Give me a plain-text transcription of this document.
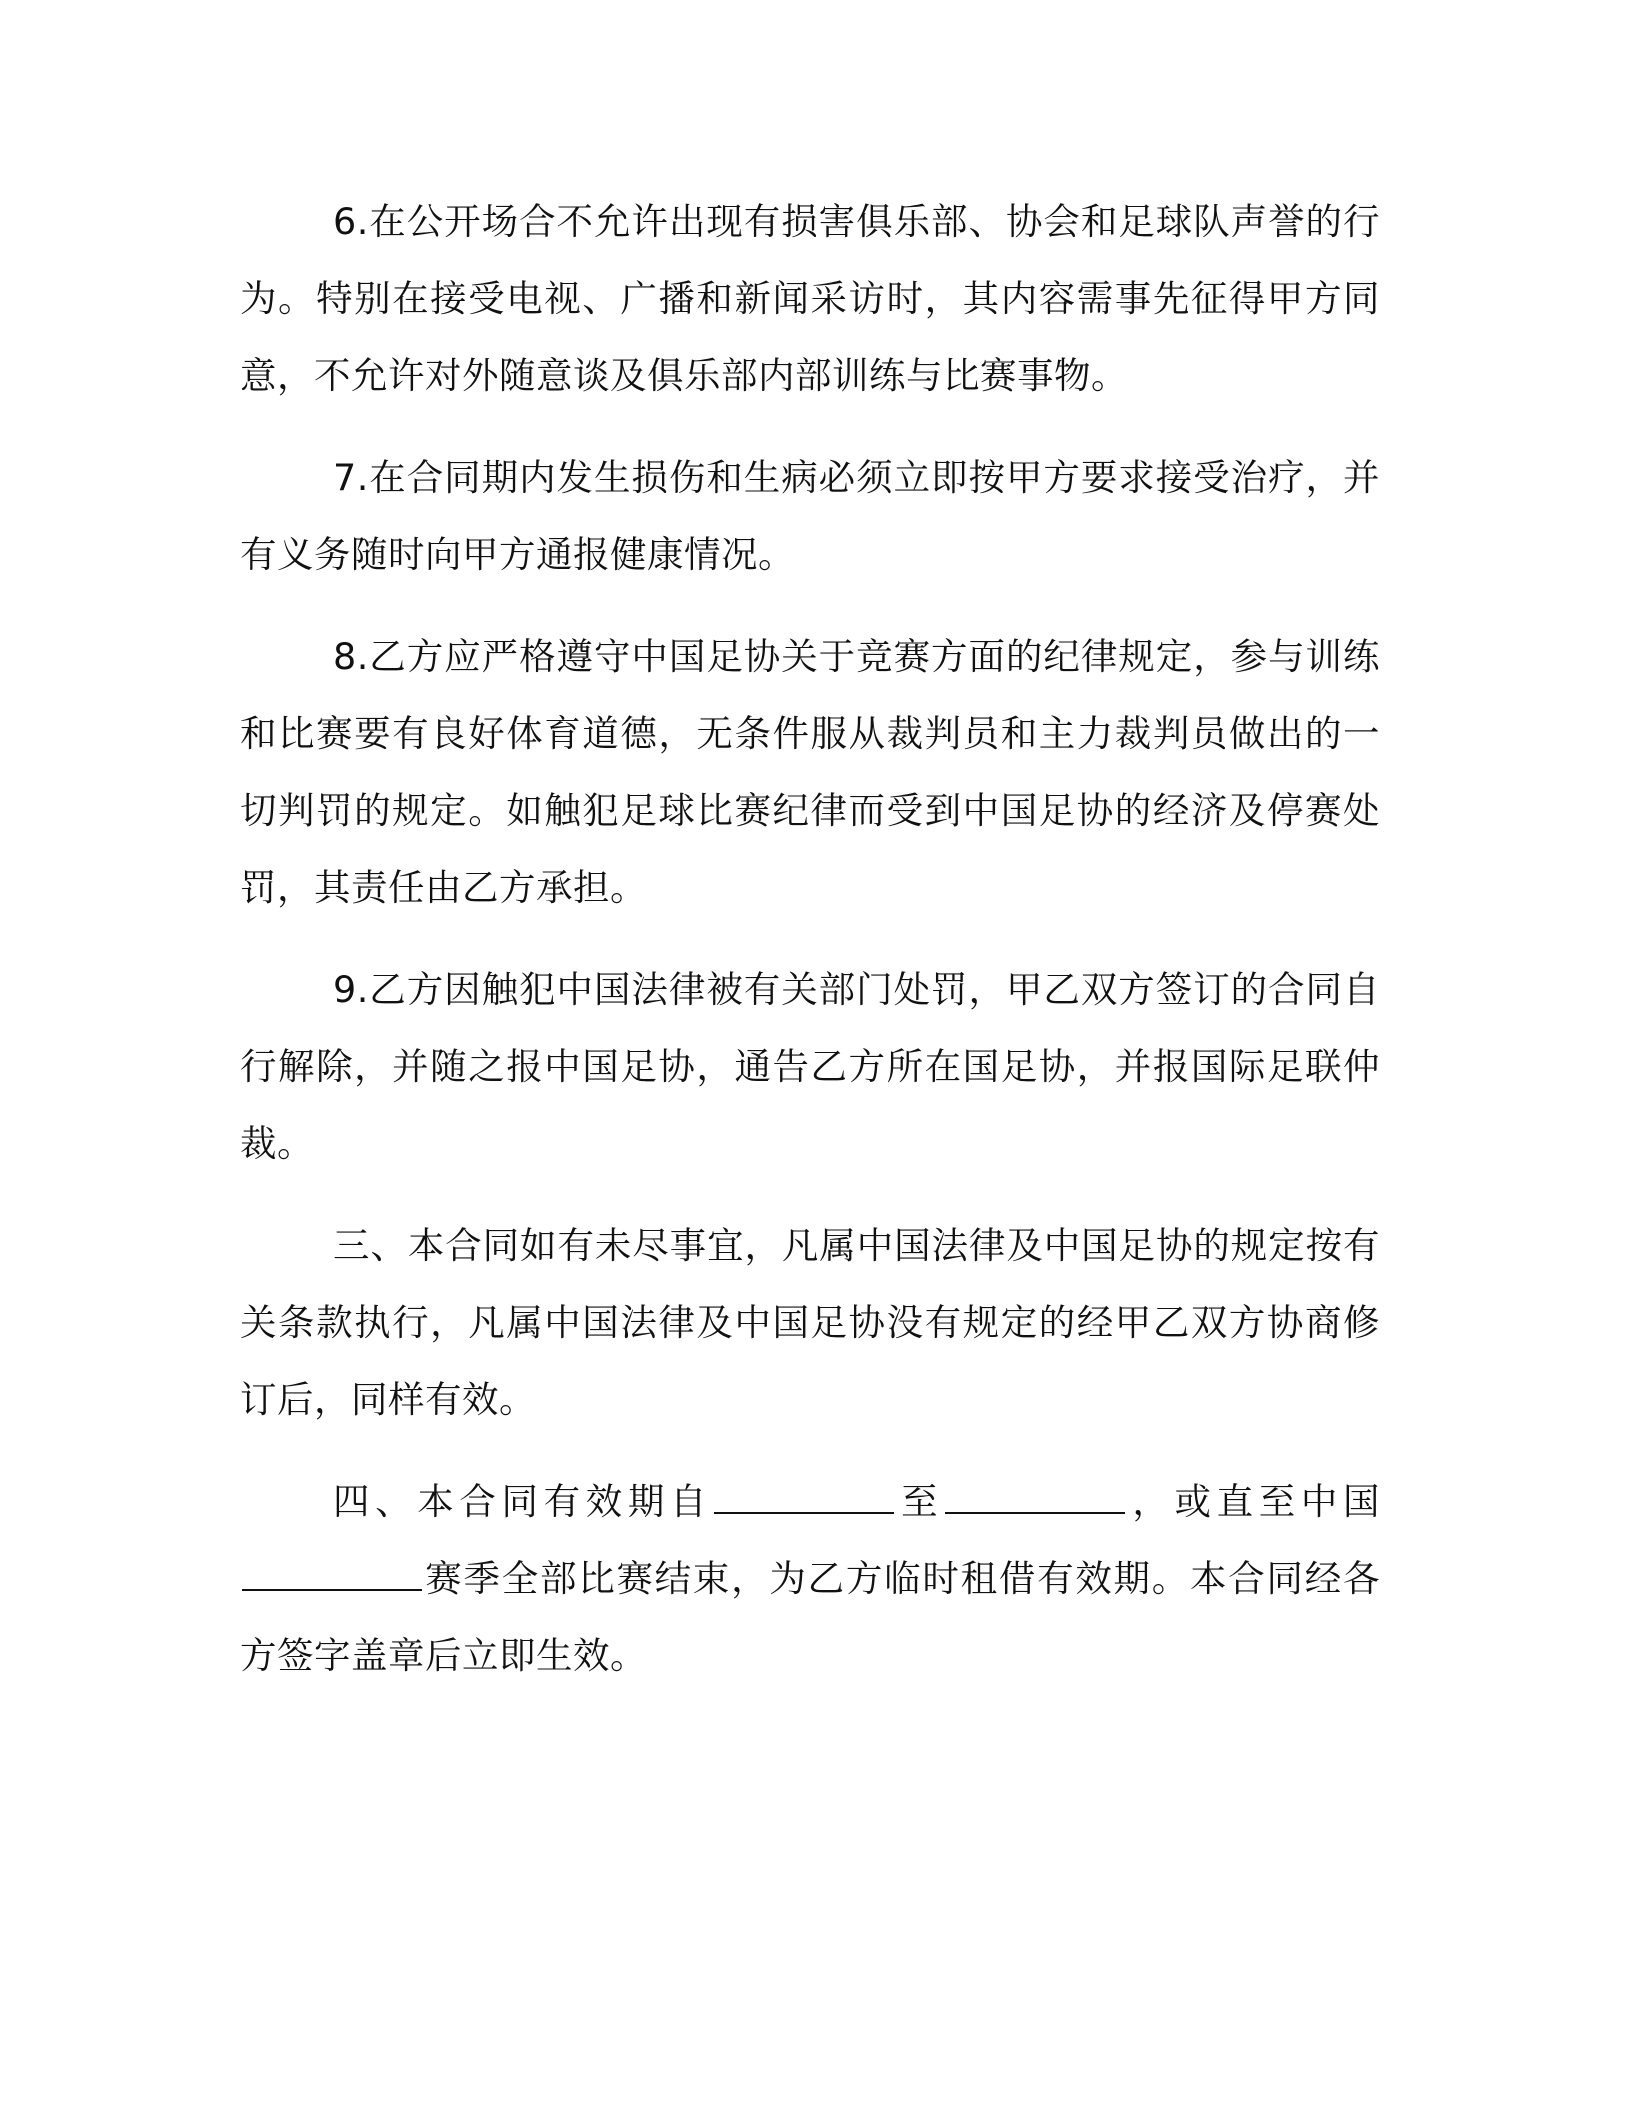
6.在公开场合不允许出现有损害俱乐部、协会和足球队声誉的行为。特别在接受电视、广播和新闻采访时，其内容需事先征得甲方同意，不允许对外随意谈及俱乐部内部训练与比赛事物。

7.在合同期内发生损伤和生病必须立即按甲方要求接受治疗，并有义务随时向甲方通报健康情况。

8.乙方应严格遵守中国足协关于竞赛方面的纪律规定，参与训练和比赛要有良好体育道德，无条件服从裁判员和主力裁判员做出的一切判罚的规定。如触犯足球比赛纪律而受到中国足协的经济及停赛处罚，其责任由乙方承担。

9.乙方因触犯中国法律被有关部门处罚，甲乙双方签订的合同自行解除，并随之报中国足协，通告乙方所在国足协，并报国际足联仲裁。

三、本合同如有未尽事宜，凡属中国法律及中国足协的规定按有关条款执行，凡属中国法律及中国足协没有规定的经甲乙双方协商修订后，同样有效。

四、本合同有效期自	至	，或直至中国赛季全部比赛结束，为乙方临时租借有效期。本合同经各方签字盖章后立即生效。
